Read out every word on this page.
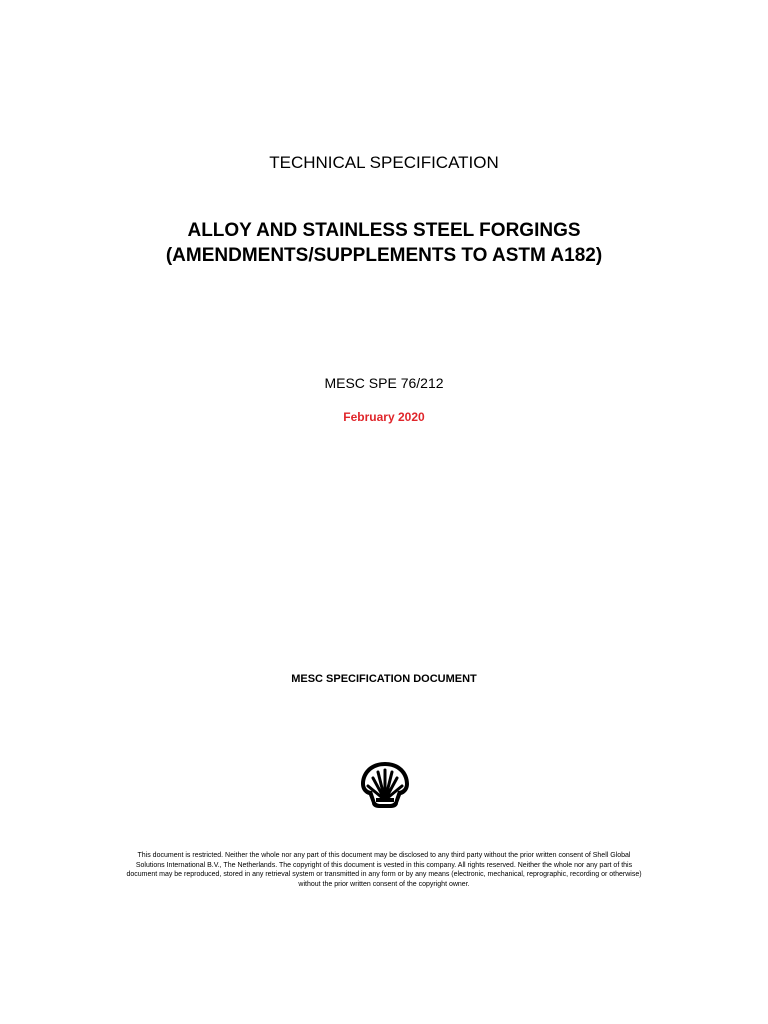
TECHNICAL SPECIFICATION
ALLOY AND STAINLESS STEEL FORGINGS
(AMENDMENTS/SUPPLEMENTS TO ASTM A182)
MESC SPE 76/212
February 2020
MESC SPECIFICATION DOCUMENT
This document is restricted. Neither the whole nor any part of this document may be disclosed to any third party without the prior written consent of Shell Global
Solutions International B.V., The Netherlands. The copyright of this document is vested in this company. All rights reserved. Neither the whole nor any part of this
document may be reproduced, stored in any retrieval system or transmitted in any form or by any means (electronic, mechanical, reprographic, recording or otherwise)
without the prior written consent of the copyright owner.
